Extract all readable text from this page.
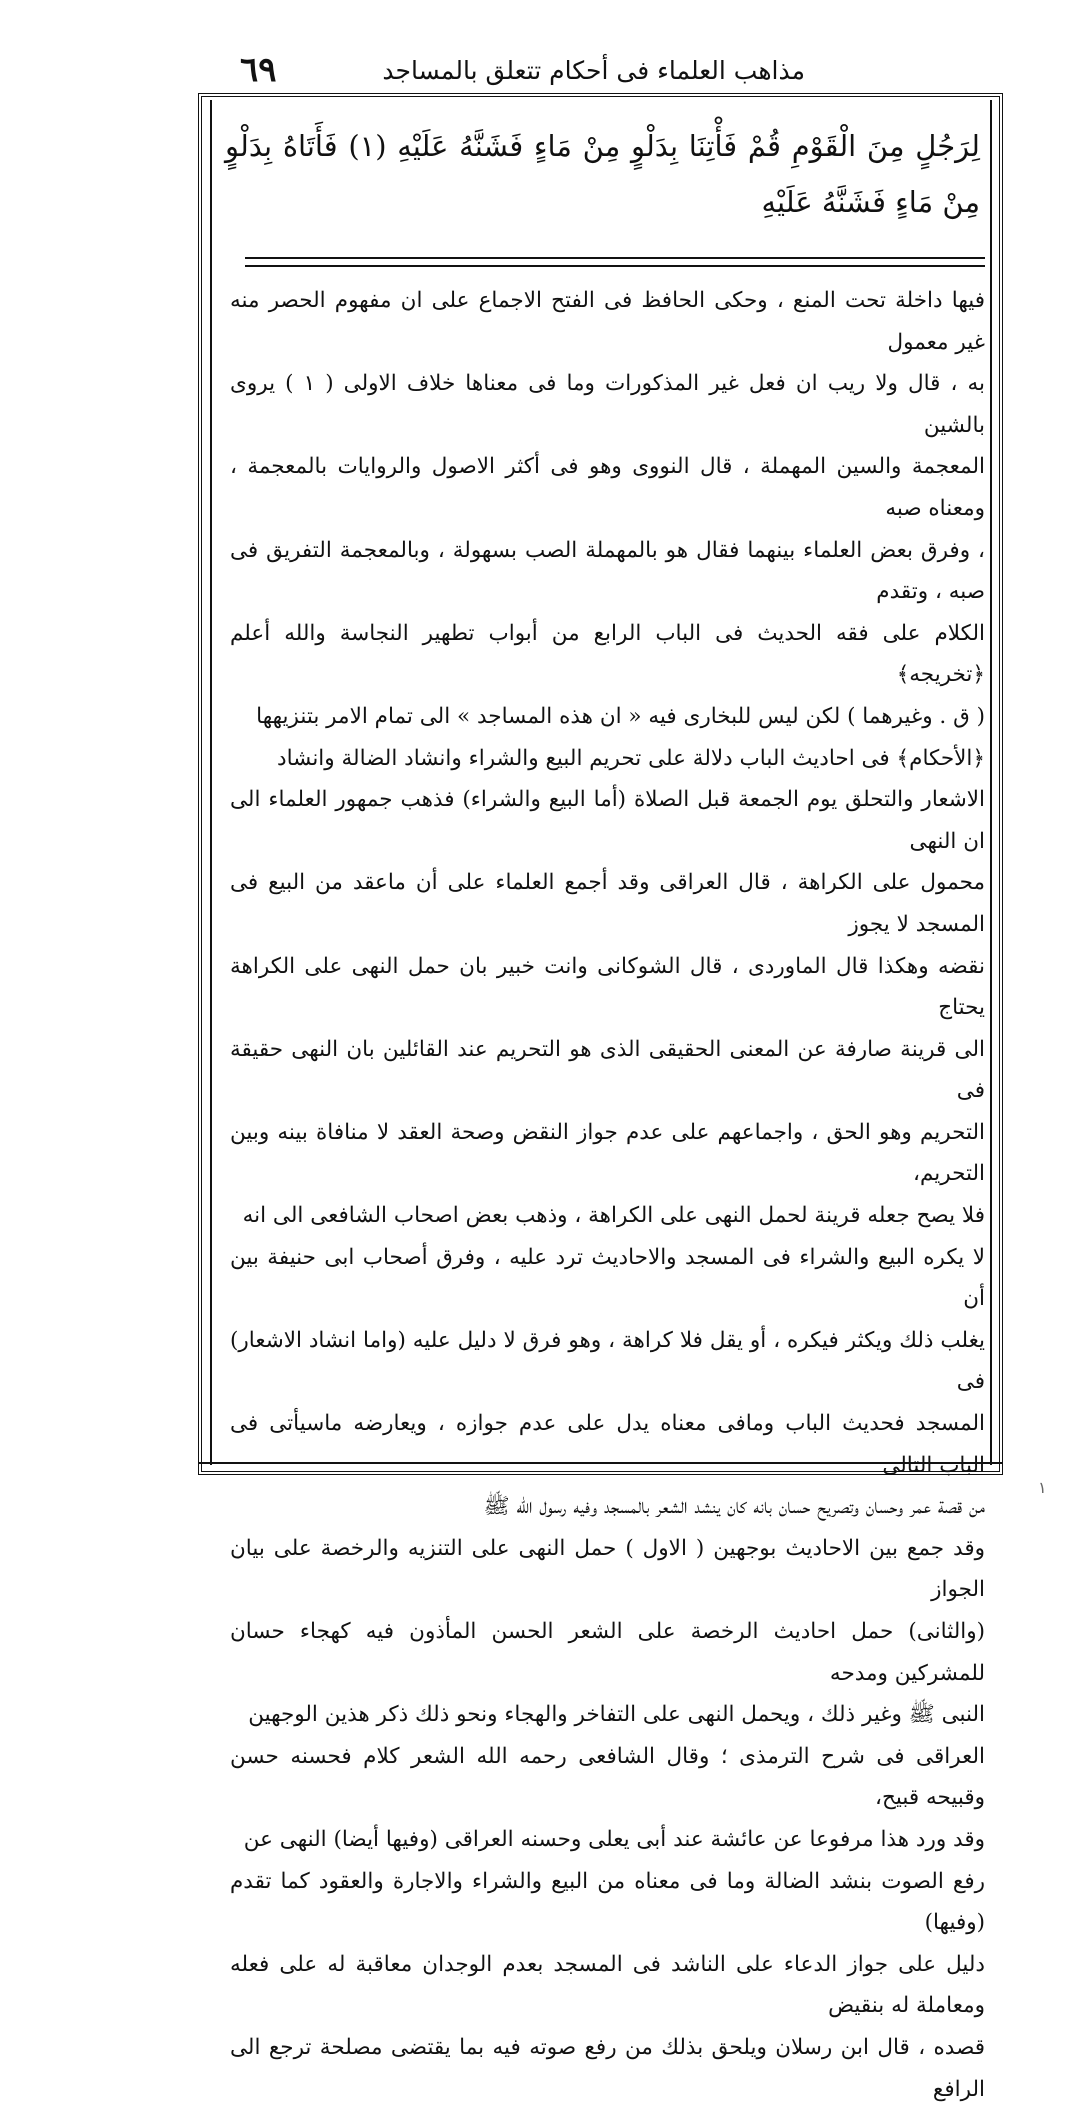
مذاهب العلماء فى أحكام تتعلق بالمساجد
٦٩
لِرَجُلٍ مِنَ الْقَوْمِ قُمْ فَأْتِنَا بِدَلْوٍ مِنْ مَاءٍ فَشَنَّهُ عَلَيْهِ (١) فَأَتَاهُ بِدَلْوٍ مِنْ مَاءٍ فَشَنَّهُ عَلَيْهِ

فيها داخلة تحت المنع ، وحكى الحافظ فى الفتح الاجماع على ان مفهوم الحصر منه غير معمول

به ، قال ولا ريب ان فعل غير المذكورات وما فى معناها خلاف الاولى ( ١ ) يروى بالشين

المعجمة والسين المهملة ، قال النووى وهو فى أكثر الاصول والروايات بالمعجمة ، ومعناه صبه

، وفرق بعض العلماء بينهما فقال هو بالمهملة الصب بسهولة ، وبالمعجمة التفريق فى صبه ، وتقدم

الكلام على فقه الحديث فى الباب الرابع من أبواب تطهير النجاسة والله أعلم ﴿تخريجه﴾

( ق . وغيرهما ) لكن ليس للبخارى فيه « ان هذه المساجد » الى تمام الامر بتنزيهها

﴿الأحكام﴾ فى احاديث الباب دلالة على تحريم البيع والشراء وانشاد الضالة وانشاد

الاشعار والتحلق يوم الجمعة قبل الصلاة (أما البيع والشراء) فذهب جمهور العلماء الى ان النهى

محمول على الكراهة ، قال العراقى وقد أجمع العلماء على أن ماعقد من البيع فى المسجد لا يجوز

نقضه وهكذا قال الماوردى ، قال الشوكانى وانت خبير بان حمل النهى على الكراهة يحتاج

الى قرينة صارفة عن المعنى الحقيقى الذى هو التحريم عند القائلين بان النهى حقيقة فى

التحريم وهو الحق ، واجماعهم على عدم جواز النقض وصحة العقد لا منافاة بينه وبين التحريم،

فلا يصح جعله قرينة لحمل النهى على الكراهة ، وذهب بعض اصحاب الشافعى الى انه

لا يكره البيع والشراء فى المسجد والاحاديث ترد عليه ، وفرق أصحاب ابى حنيفة بين أن

يغلب ذلك ويكثر فيكره ، أو يقل فلا كراهة ، وهو فرق لا دليل عليه (واما انشاد الاشعار) فى

المسجد فحديث الباب ومافى معناه يدل على عدم جوازه ، ويعارضه ماسيأتى فى الباب التالى

من قصة عمر وحسان وتصريح حسان بانه كان ينشد الشعر بالمسجد وفيه رسول الله ﷺ

وقد جمع بين الاحاديث بوجهين ( الاول ) حمل النهى على التنزيه والرخصة على بيان الجواز

(والثانى) حمل احاديث الرخصة على الشعر الحسن المأذون فيه كهجاء حسان للمشركين ومدحه

النبى ﷺ وغير ذلك ، ويحمل النهى على التفاخر والهجاء ونحو ذلك ذكر هذين الوجهين

العراقى فى شرح الترمذى ؛ وقال الشافعى رحمه الله الشعر كلام فحسنه حسن وقبيحه قبيح،

وقد ورد هذا مرفوعا عن عائشة عند أبى يعلى وحسنه العراقى (وفيها أيضا) النهى عن

رفع الصوت بنشد الضالة وما فى معناه من البيع والشراء والاجارة والعقود كما تقدم (وفيها)

دليل على جواز الدعاء على الناشد فى المسجد بعدم الوجدان معاقبة له على فعله ومعاملة له بنقيض

قصده ، قال ابن رسلان ويلحق بذلك من رفع صوته فيه بما يقتضى مصلحة ترجع الى الرافع

١
